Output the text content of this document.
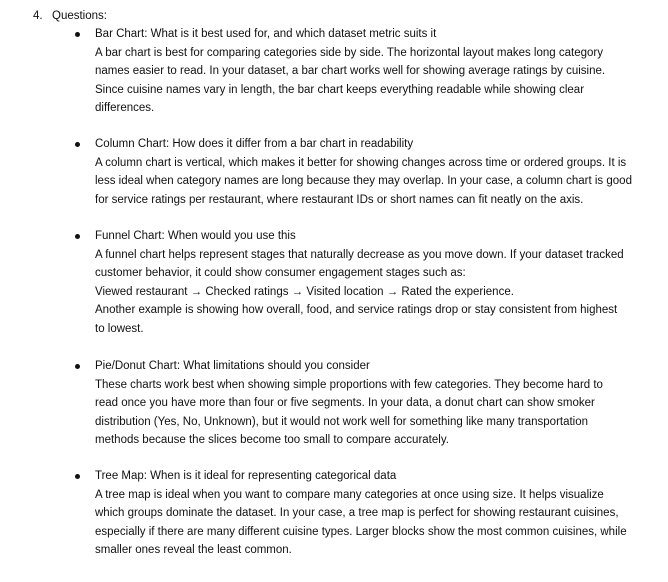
4. Questions:
Bar Chart: What is it best used for, and which dataset metric suits it
A bar chart is best for comparing categories side by side. The horizontal layout makes long category
names easier to read. In your dataset, a bar chart works well for showing average ratings by cuisine.
Since cuisine names vary in length, the bar chart keeps everything readable while showing clear
differences.
Column Chart: How does it differ from a bar chart in readability
A column chart is vertical, which makes it better for showing changes across time or ordered groups. It is
less ideal when category names are long because they may overlap. In your case, a column chart is good
for service ratings per restaurant, where restaurant IDs or short names can fit neatly on the axis.
Funnel Chart: When would you use this
A funnel chart helps represent stages that naturally decrease as you move down. If your dataset tracked
customer behavior, it could show consumer engagement stages such as:
Viewed restaurant → Checked ratings → Visited location → Rated the experience.
Another example is showing how overall, food, and service ratings drop or stay consistent from highest
to lowest.
Pie/Donut Chart: What limitations should you consider
These charts work best when showing simple proportions with few categories. They become hard to
read once you have more than four or five segments. In your data, a donut chart can show smoker
distribution (Yes, No, Unknown), but it would not work well for something like many transportation
methods because the slices become too small to compare accurately.
Tree Map: When is it ideal for representing categorical data
A tree map is ideal when you want to compare many categories at once using size. It helps visualize
which groups dominate the dataset. In your case, a tree map is perfect for showing restaurant cuisines,
especially if there are many different cuisine types. Larger blocks show the most common cuisines, while
smaller ones reveal the least common.
